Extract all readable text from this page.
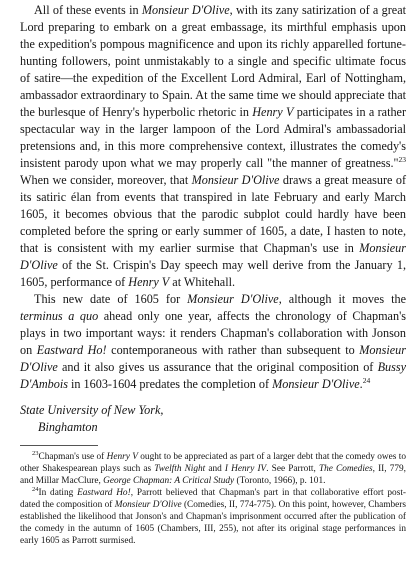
All of these events in Monsieur D'Olive, with its zany satirization of a great Lord preparing to embark on a great embassage, its mirthful emphasis upon the expedition's pompous magnificence and upon its richly apparelled fortune-hunting followers, point unmistakably to a single and specific ultimate focus of satire—the expedition of the Excellent Lord Admiral, Earl of Nottingham, ambassador extraordinary to Spain. At the same time we should appreciate that the burlesque of Henry's hyperbolic rhetoric in Henry V participates in a rather spectacular way in the larger lampoon of the Lord Admiral's ambassadorial pretensions and, in this more comprehensive context, illustrates the comedy's insistent parody upon what we may properly call "the manner of greatness."$^{23}$ When we consider, moreover, that Monsieur D'Olive draws a great measure of its satiric élan from events that transpired in late February and early March 1605, it becomes obvious that the parodic subplot could hardly have been completed before the spring or early summer of 1605, a date, I hasten to note, that is consistent with my earlier surmise that Chapman's use in Monsieur D'Olive of the St. Crispin's Day speech may well derive from the January 1, 1605, performance of Henry V at Whitehall.

This new date of 1605 for Monsieur D'Olive, although it moves the terminus a quo ahead only one year, affects the chronology of Chapman's plays in two important ways: it renders Chapman's collaboration with Jonson on Eastward Ho! contemporaneous with rather than subsequent to Monsieur D'Olive and it also gives us assurance that the original composition of Bussy D'Ambois in 1603-1604 predates the completion of Monsieur D'Olive.$^{24}$

State University of New York,
Binghamton

$^{23}$Chapman's use of Henry V ought to be appreciated as part of a larger debt that the comedy owes to other Shakespearean plays such as Twelfth Night and I Henry IV. See Parrott, The Comedies, II, 779, and Millar MacClure, George Chapman: A Critical Study (Toronto, 1966), p. 101.

$^{24}$In dating Eastward Ho!, Parrott believed that Chapman's part in that collaborative effort post-dated the composition of Monsieur D'Olive (Comedies, II, 774-775). On this point, however, Chambers established the likelihood that Jonson's and Chapman's imprisonment occurred after the publication of the comedy in the autumn of 1605 (Chambers, III, 255), not after its original stage performances in early 1605 as Parrott surmised.
